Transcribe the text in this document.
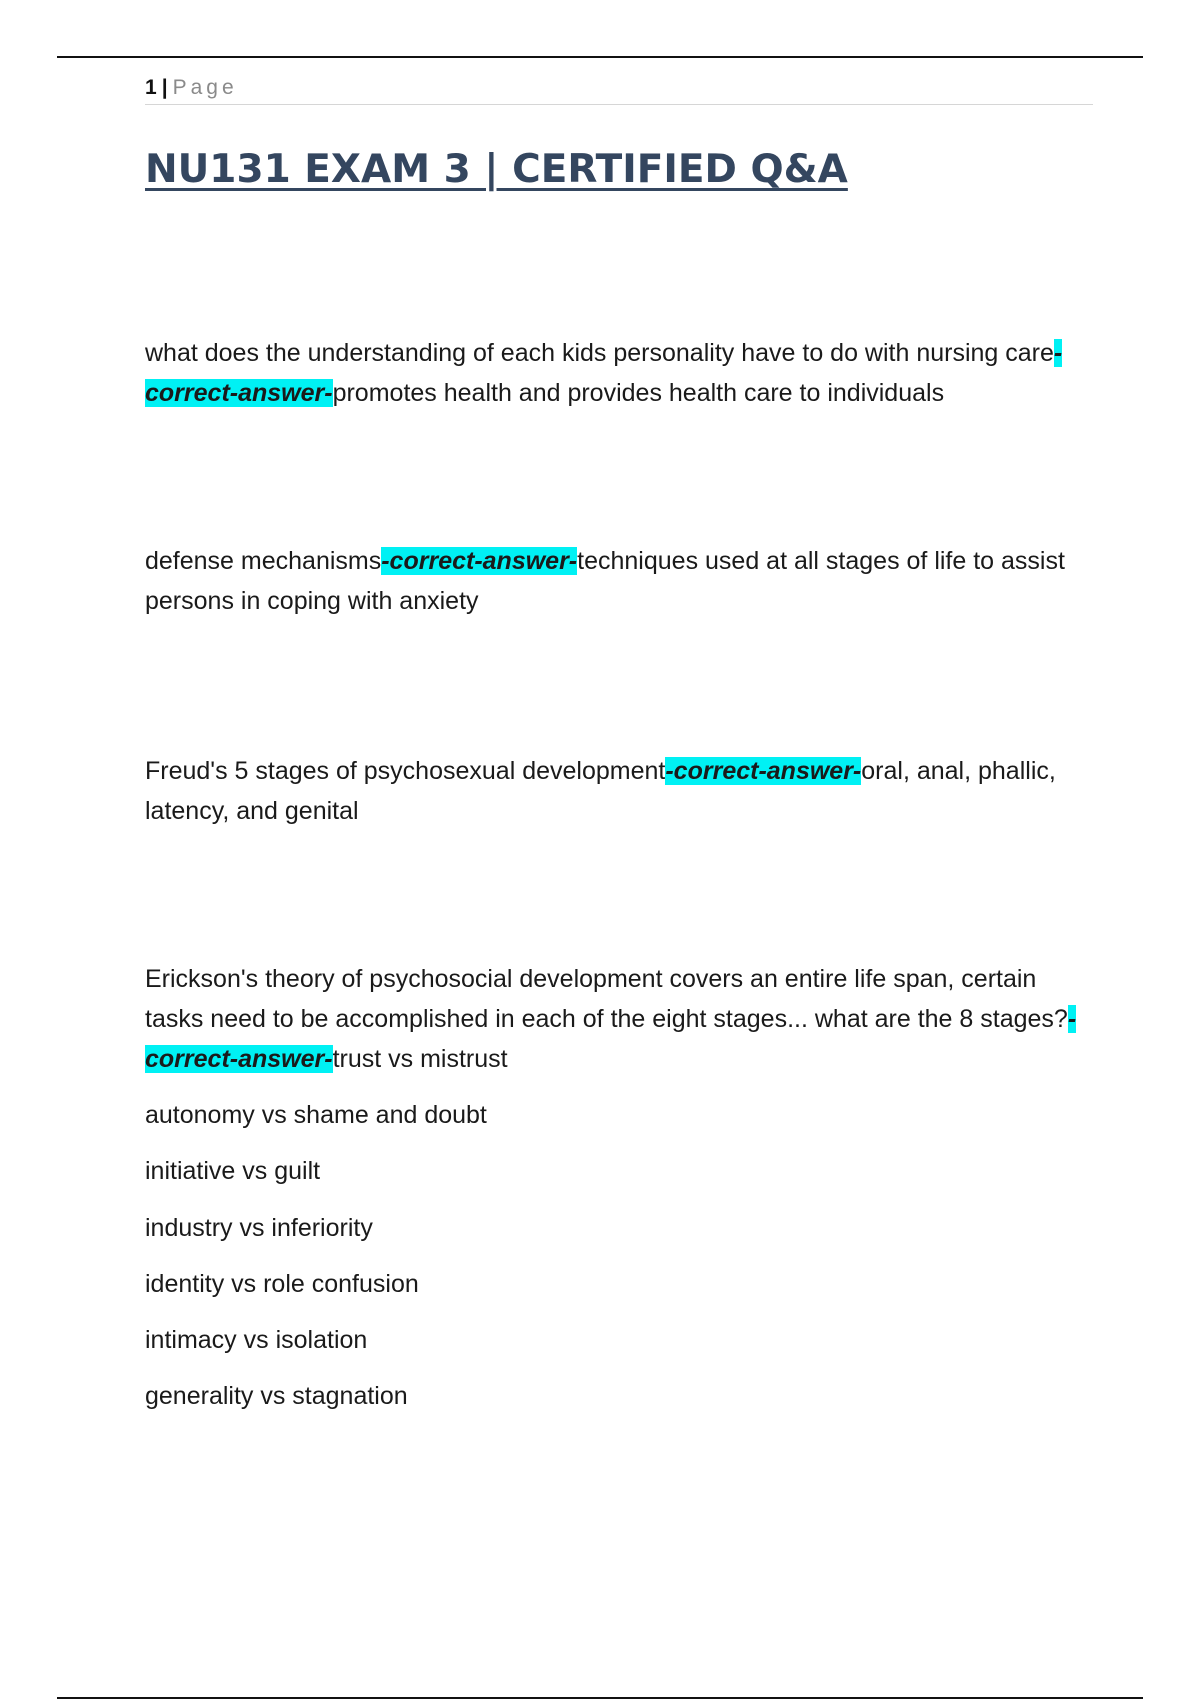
1 | Page
NU131 EXAM 3 | CERTIFIED Q&A

what does the understanding of each kids personality have to do with nursing care-correct-answer-promotes health and provides health care to individuals

defense mechanisms-correct-answer-techniques used at all stages of life to assist persons in coping with anxiety

Freud's 5 stages of psychosexual development-correct-answer-oral, anal, phallic, latency, and genital

Erickson's theory of psychosocial development covers an entire life span, certain tasks need to be accomplished in each of the eight stages... what are the 8 stages?-correct-answer-trust vs mistrust

autonomy vs shame and doubt
initiative vs guilt
industry vs inferiority
identity vs role confusion
intimacy vs isolation
generality vs stagnation
